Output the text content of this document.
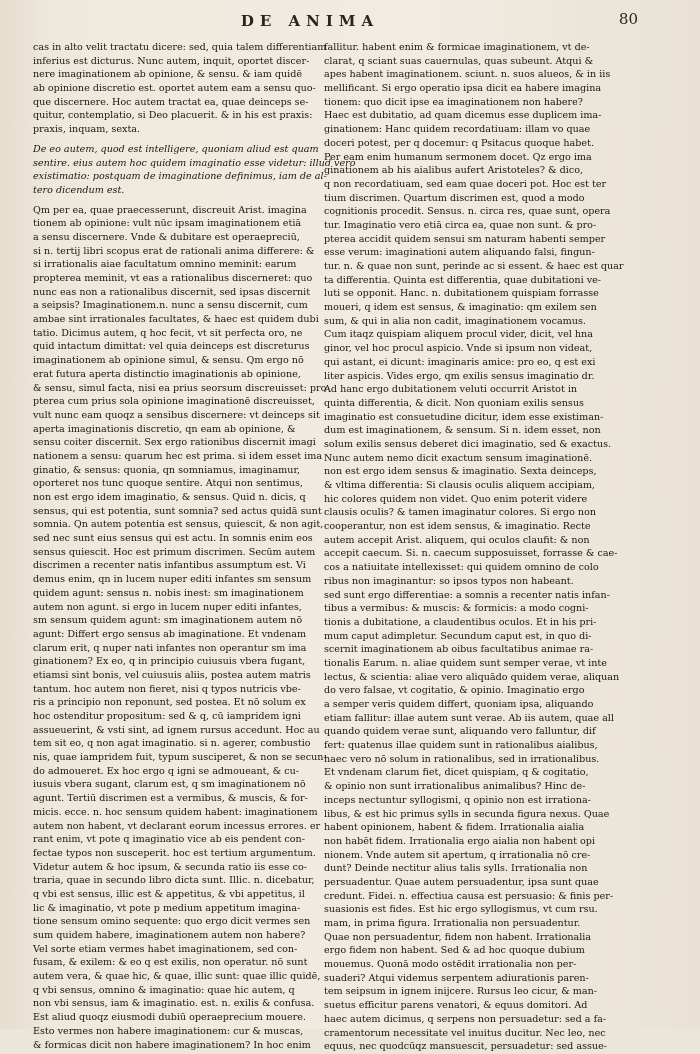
DE ANIMA	80
cas in alto velit tractatu dicere: sed, quia talem differentiam
inferius est dicturus. Nunc autem, inquit, oportet discer-
nere imaginationem ab opinione, & sensu. & iam quidē
ab opinione discretio est. oportet autem eam a sensu quo-
que discernere. Hoc autem tractat ea, quae deinceps se-
quitur, contemplatio, si Deo placuerit. & in his est praxis:
praxis, inquam, sexta.
De eo autem, quod est intelligere, quoniam aliud est quam
sentire. eius autem hoc quidem imaginatio esse videtur: illud vero
existimatio: postquam de imaginatione definimus, iam de al-
tero dicendum est.
Qm per ea, quae praecesserunt, discreuit Arist. imagina
tionem ab opinione: vult nūc ipsam imaginationem etiā
a sensu discernere. Vnde & dubitare est operaepreciū,
si n. tertij libri scopus erat de rationali anima differere: &
si irrationalis aiae facultatum omnino meminit: earum
propterea meminit, vt eas a rationalibus discerneret: quo
nunc eas non a rationalibus discernit, sed ipsas discernit
a seipsis? Imaginationem.n. nunc a sensu discernit, cum
ambae sint irrationales facultates, & haec est quidem dubi
tatio. Dicimus autem, q hoc fecit, vt sit perfecta oro, ne
quid intactum dimittat: vel quia deinceps est discreturus
imaginationem ab opinione simul, & sensu. Qm ergo nō
erat futura aperta distinctio imaginationis ab opinione,
& sensu, simul facta, nisi ea prius seorsum discreuisset: pro
pterea cum prius sola opinione imaginationē discreuisset,
vult nunc eam quoqz a sensibus discernere: vt deinceps sit
aperta imaginationis discretio, qn eam ab opinione, &
sensu coiter discernit. Sex ergo rationibus discernit imagi
nationem a sensu: quarum hec est prima. si idem esset ima
ginatio, & sensus: quonia, qn somniamus, imaginamur,
oporteret nos tunc quoque sentire. Atqui non sentimus,
non est ergo idem imaginatio, & sensus. Quid n. dicis, q
sensus, qui est potentia, sunt somnia? sed actus quidā sunt
somnia. Qn autem potentia est sensus, quiescit, & non agit,
sed nec sunt eius sensus qui est actu. In somnis enim eos
sensus quiescit. Hoc est primum discrimen. Secūm autem
discrimen a recenter natis infantibus assumptum est. Vi
demus enim, qn in lucem nuper editi infantes sm sensum
quidem agunt: sensus n. nobis inest: sm imaginationem
autem non agunt. si ergo in lucem nuper editi infantes,
sm sensum quidem agunt: sm imaginationem autem nō
agunt: Differt ergo sensus ab imaginatione. Et vndenam
clarum erit, q nuper nati infantes non operantur sm ima
ginationem? Ex eo, q in principio cuiusuis vbera fugant,
etiamsi sint bonis, vel cuiusuis aliis, postea autem matris
tantum. hoc autem non fieret, nisi q typos nutricis vbe-
ris a principio non reponunt, sed postea. Et nō solum ex
hoc ostenditur propositum: sed & q, cū iampridem igni
assueuerint, & vsti sint, ad ignem rursus accedunt. Hoc au
tem sit eo, q non agat imaginatio. si n. agerer, combustio
nis, quae iampridem fuit, typum susciperet, & non se secun-
do admoueret. Ex hoc ergo q igni se admoueant, & cu-
iusuis vbera sugant, clarum est, q sm imaginationem nō
agunt. Tertiū discrimen est a vermibus, & muscis, & for-
micis. ecce. n. hoc sensum quidem habent: imaginationem
autem non habent, vt declarant eorum incessus errores. er
rant enim, vt pote q imaginatio vice ab eis pendent con-
fectae typos non susceperit. hoc est tertium argumentum.
Videtur autem & hoc ipsum, & secunda ratio iis esse co-
traria, quae in secundo libro dicta sunt. Illic. n. dicebatur,
q vbi est sensus, illic est & appetitus, & vbi appetitus, il
lic & imaginatio, vt pote p medium appetitum imagina-
tione sensum omino sequente: quo ergo dicit vermes sen
sum quidem habere, imaginationem autem non habere?
Vel sorte etiam vermes habet imaginationem, sed con-
fusam, & exilem: & eo q est exilis, non operatur. nō sunt
autem vera, & quae hic, & quae, illic sunt: quae illic quidē,
q vbi sensus, omnino & imaginatio: quae hic autem, q
non vbi sensus, iam & imaginatio. est. n. exilis & confusa.
Est aliud quoqz eiusmodi dubiū operaeprecium mouere.
Esto vermes non habere imaginationem: cur & muscas,
& formicas dicit non habere imaginationem? In hoc enim
fallitur. habent enim & formicae imaginationem, vt de-
clarat, q sciant suas cauernulas, quas subeunt. Atqui &
apes habent imaginationem. sciunt. n. suos alueos, & in iis
mellificant. Si ergo operatio ipsa dicit ea habere imagina
tionem: quo dicit ipse ea imaginationem non habere?
Haec est dubitatio, ad quam dicemus esse duplicem ima-
ginationem: Hanc quidem recordatiuam: illam vo quae
doceri potest, per q docemur: q Psitacus quoque habet.
Per eam enim humanum sermonem docet. Qz ergo ima
ginationem ab his aialibus aufert Aristoteles? & dico,
q non recordatiuam, sed eam quae doceri pot. Hoc est ter
tium discrimen. Quartum discrimen est, quod a modo
cognitionis procedit. Sensus. n. circa res, quae sunt, opera
tur. Imaginatio vero etiā circa ea, quae non sunt. & pro-
pterea accidit quidem sensui sm naturam habenti semper
esse verum: imaginationi autem aliquando falsi, fingun-
tur. n. & quae non sunt, perinde ac si essent. & haec est quar
ta differentia. Quinta est differentia, quae dubitationi ve-
luti se opponit. Hanc. n. dubitationem quispiam forrasse
moueri, q idem est sensus, & imaginatio: qm exilem sen
sum, & qui in alia non cadit, imaginationem vocamus.
Cum itaqz quispiam aliquem procul vider, dicit, vel hna
ginor, vel hoc procul aspicio. Vnde si ipsum non videat,
qui astant, ei dicunt: imaginaris amice: pro eo, q est exi
liter aspicis. Vides ergo, qm exilis sensus imaginatio dr.
Ad hanc ergo dubitationem veluti occurrit Aristot in
quinta differentia, & dicit. Non quoniam exilis sensus
imaginatio est consuetudine dicitur, idem esse existiman-
dum est imaginationem, & sensum. Si n. idem esset, non
solum exilis sensus deberet dici imaginatio, sed & exactus.
Nunc autem nemo dicit exactum sensum imaginationē.
non est ergo idem sensus & imaginatio. Sexta deinceps,
& vltima differentia: Si clausis oculis aliquem accipiam,
hic colores quidem non videt. Quo enim poterit videre
clausis oculis? & tamen imaginatur colores. Si ergo non
cooperantur, non est idem sensus, & imaginatio. Recte
autem accepit Arist. aliquem, qui oculos claufit: & non
accepit caecum. Si. n. caecum supposuisset, forrasse & cae-
cos a natiuitate intellexisset: qui quidem omnino de colo
ribus non imaginantur: so ipsos typos non habeant.
sed sunt ergo differentiae: a somnis a recenter natis infan-
tibus a vermibus: & muscis: & formicis: a modo cogni-
tionis a dubitatione, a claudentibus oculos. Et in his pri-
mum caput adimpletur. Secundum caput est, in quo di-
scernit imaginationem ab oibus facultatibus animae ra-
tionalis Earum. n. aliae quidem sunt semper verae, vt inte
lectus, & scientia: aliae vero aliquādo quidem verae, aliquan
do vero falsae, vt cogitatio, & opinio. Imaginatio ergo
a semper veris quidem differt, quoniam ipsa, aliquando
etiam fallitur: illae autem sunt verae. Ab iis autem, quae all
quando quidem verae sunt, aliquando vero falluntur, dif
fert: quatenus illae quidem sunt in rationalibus aialibus,
haec vero nō solum in rationalibus, sed in irrationalibus.
Et vndenam clarum fiet, dicet quispiam, q & cogitatio,
& opinio non sunt irrationalibus animalibus? Hinc de-
inceps nectuntur syllogismi, q opinio non est irrationa-
libus, & est hic primus sylls in secunda figura nexus. Quae
habent opinionem, habent & fidem. Irrationalia aialia
non habēt fidem. Irrationalia ergo aialia non habent opi
nionem. Vnde autem sit apertum, q irrationalia nō cre-
dunt? Deinde nectitur alius talis sylls. Irrationalia non
persuadentur. Quae autem persuadentur, ipsa sunt quae
credunt. Fidei. n. effectiua causa est persuasio: & finis per-
suasionis est fides. Est hic ergo syllogismus, vt cum rsu.
mam, in prima figura. Irrationalia non persuadentur.
Quae non persuadentur, fidem non habent. Irrationalia
ergo fidem non habent. Sed & ad hoc quoque dubium
mouemus. Quonā modo ostēdit irrationalia non per-
suaderi? Atqui videmus serpentem adiurationis paren-
tem seipsum in ignem inijcere. Rursus leo cicur, & man-
suetus efficitur parens venatori, & equus domitori. Ad
haec autem dicimus, q serpens non persuadetur: sed a fa-
cramentorum necessitate vel inuitus ducitur. Nec leo, nec
equus, nec quodcūqz mansuescit, persuadetur: sed assue-
